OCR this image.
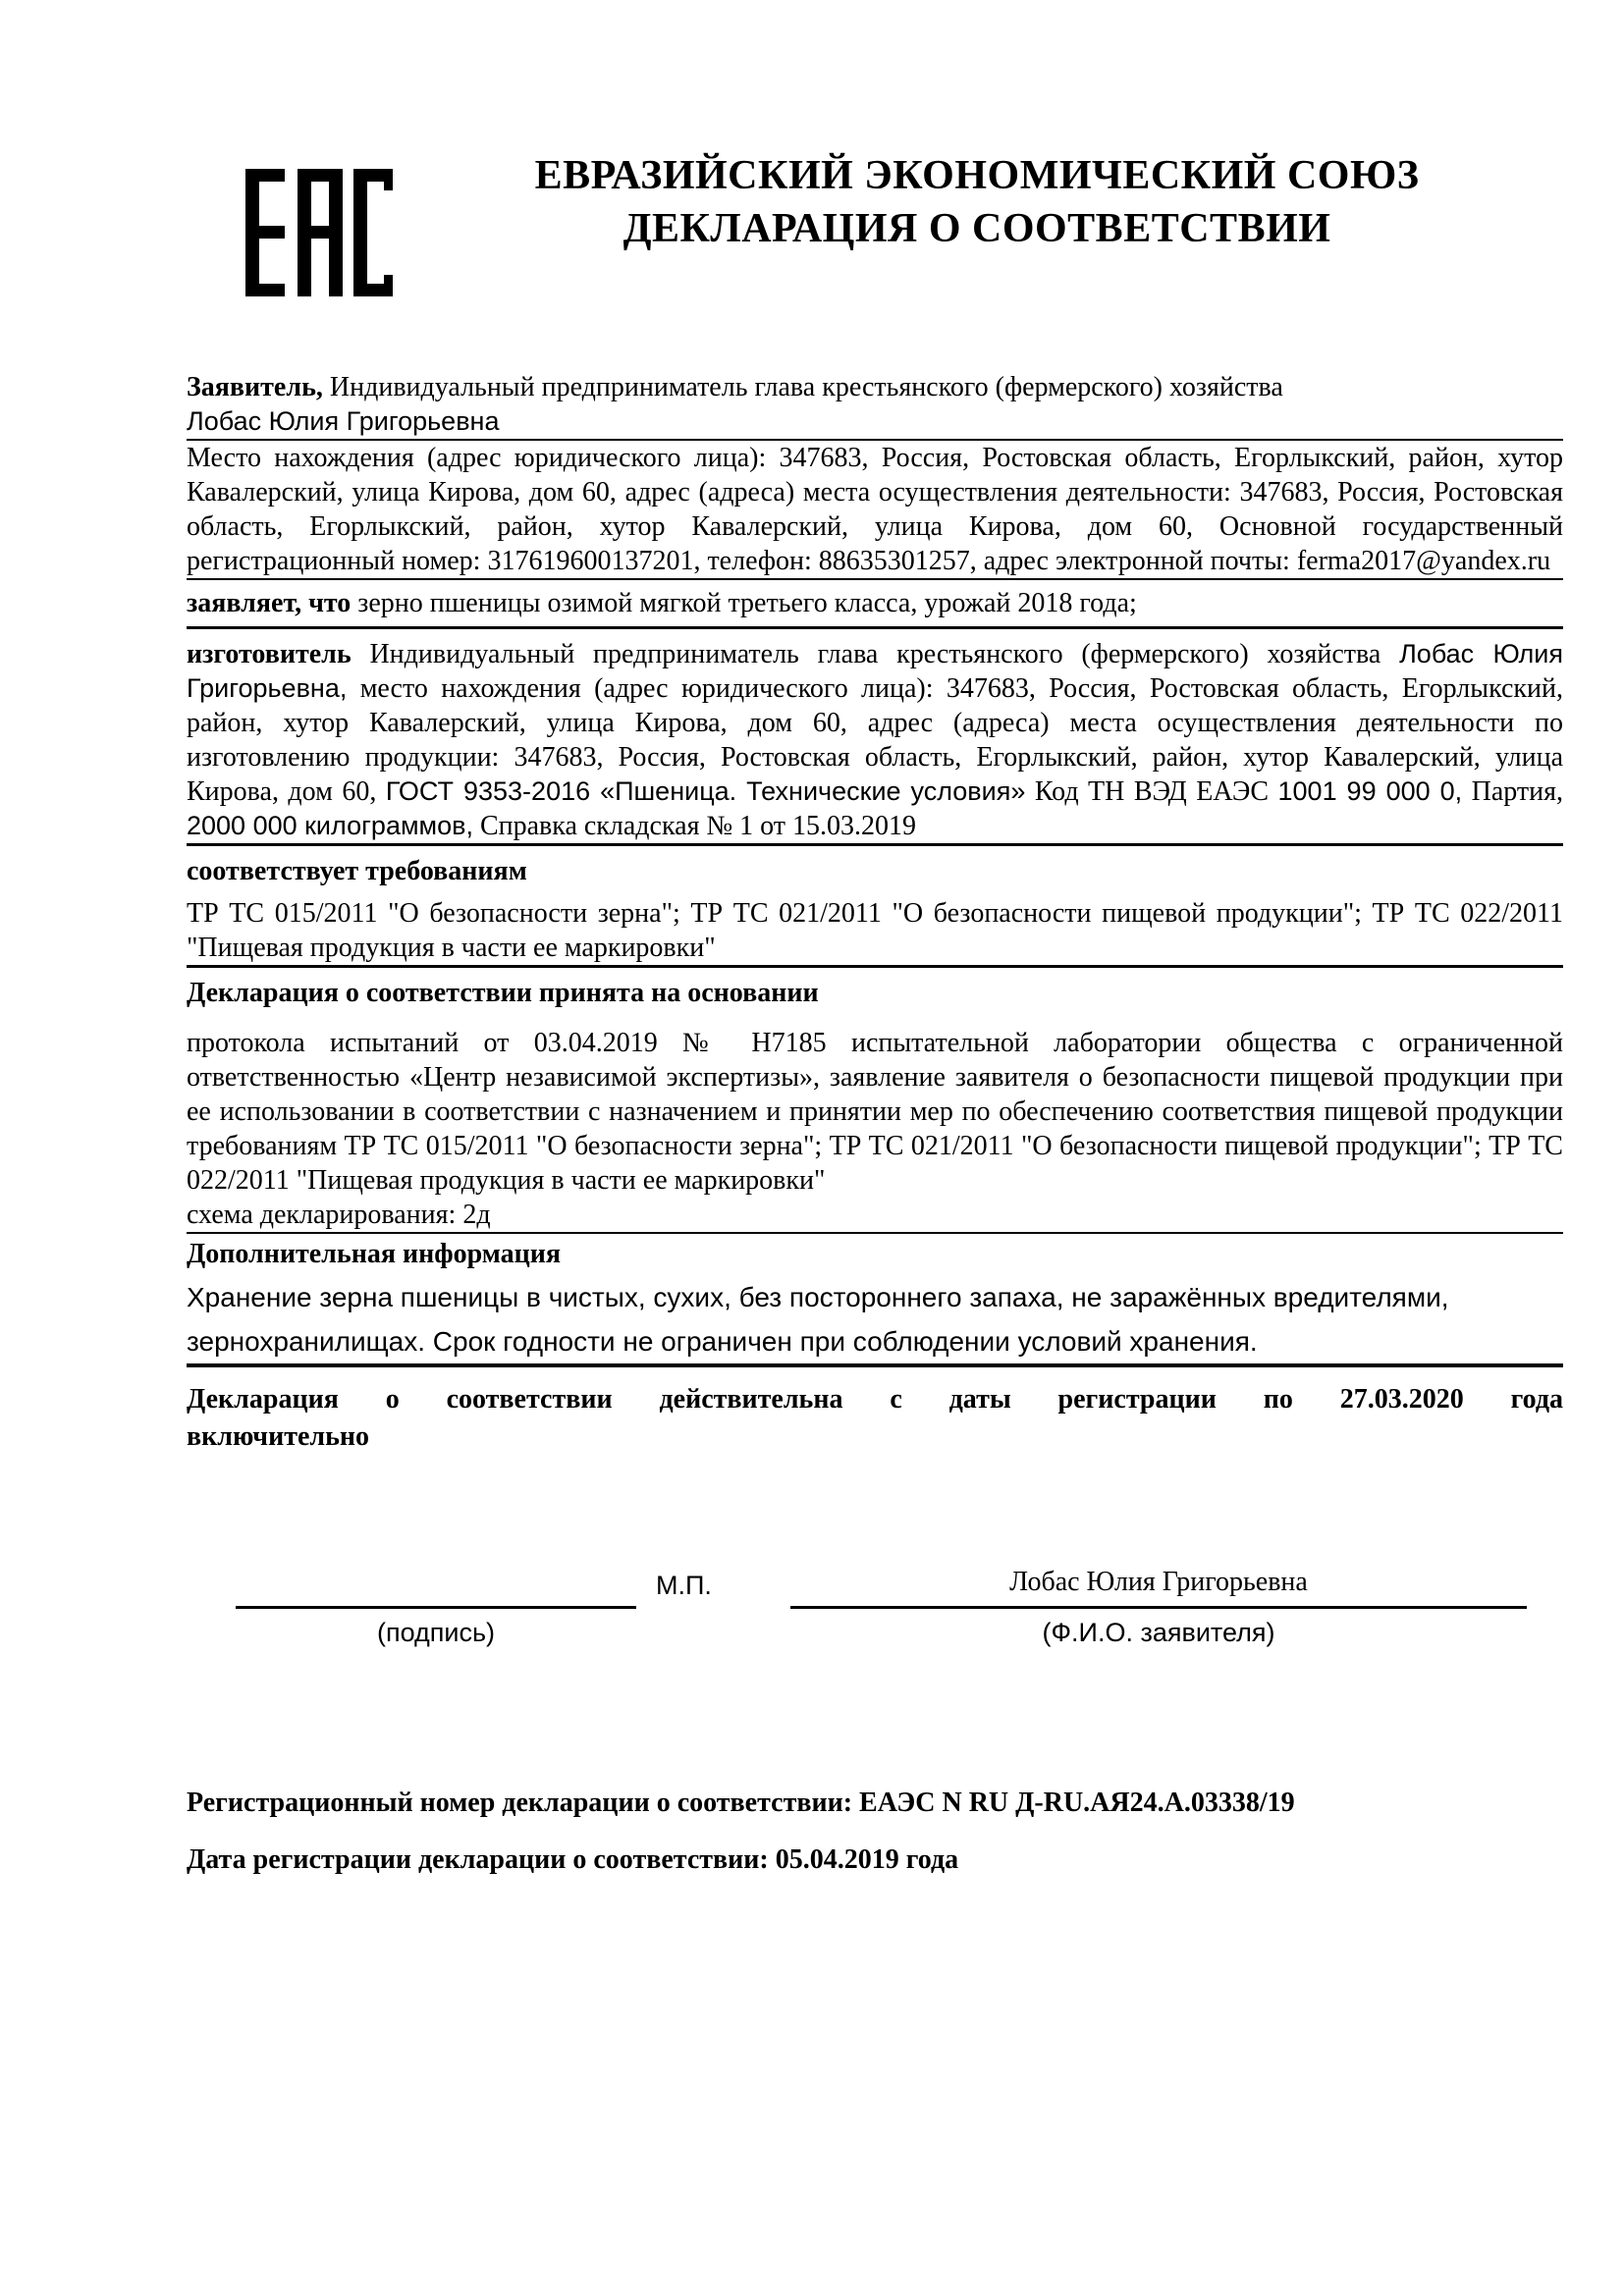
ЕВРАЗИЙСКИЙ ЭКОНОМИЧЕСКИЙ СОЮЗ
ДЕКЛАРАЦИЯ О СООТВЕТСТВИИ

Заявитель, Индивидуальный предприниматель глава крестьянского (фермерского) хозяйства
Лобас Юлия Григорьевна

Место нахождения (адрес юридического лица): 347683, Россия, Ростовская область, Егорлыкский, район, хутор Кавалерский, улица Кирова, дом 60, адрес (адреса) места осуществления деятельности: 347683, Россия, Ростовская область, Егорлыкский, район, хутор Кавалерский, улица Кирова, дом 60, Основной государственный регистрационный номер: 317619600137201, телефон: 88635301257, адрес электронной почты: ferma2017@yandex.ru

заявляет, что зерно пшеницы озимой мягкой третьего класса, урожай 2018 года;

изготовитель Индивидуальный предприниматель глава крестьянского (фермерского) хозяйства Лобас Юлия Григорьевна, место нахождения (адрес юридического лица): 347683, Россия, Ростовская область, Егорлыкский, район, хутор Кавалерский, улица Кирова, дом 60, адрес (адреса) места осуществления деятельности по изготовлению продукции: 347683, Россия, Ростовская область, Егорлыкский, район, хутор Кавалерский, улица Кирова, дом 60, ГОСТ 9353-2016 «Пшеница. Технические условия» Код ТН ВЭД ЕАЭС 1001 99 000 0, Партия, 2000 000 килограммов, Справка складская № 1 от 15.03.2019

соответствует требованиям

ТР ТС 015/2011 "О безопасности зерна"; ТР ТС 021/2011 "О безопасности пищевой продукции"; ТР ТС 022/2011 "Пищевая продукция в части ее маркировки"

Декларация о соответствии принята на основании

протокола испытаний от 03.04.2019 № Н7185 испытательной лаборатории общества с ограниченной ответственностью «Центр независимой экспертизы», заявление заявителя о безопасности пищевой продукции при ее использовании в соответствии с назначением и принятии мер по обеспечению соответствия пищевой продукции требованиям ТР ТС 015/2011 "О безопасности зерна"; ТР ТС 021/2011 "О безопасности пищевой продукции"; ТР ТС 022/2011 "Пищевая продукция в части ее маркировки"

схема декларирования: 2д

Дополнительная информация

Хранение зерна пшеницы в чистых, сухих, без постороннего запаха, не заражённых вредителями, зернохранилищах. Срок годности не ограничен при соблюдении условий хранения.

Декларация о соответствии действительна с даты регистрации по 27.03.2020 года
включительно

М.П.	Лобас Юлия Григорьевна
(подпись)	(Ф.И.О. заявителя)

Регистрационный номер декларации о соответствии: ЕАЭС N RU Д-RU.АЯ24.А.03338/19

Дата регистрации декларации о соответствии: 05.04.2019 года
